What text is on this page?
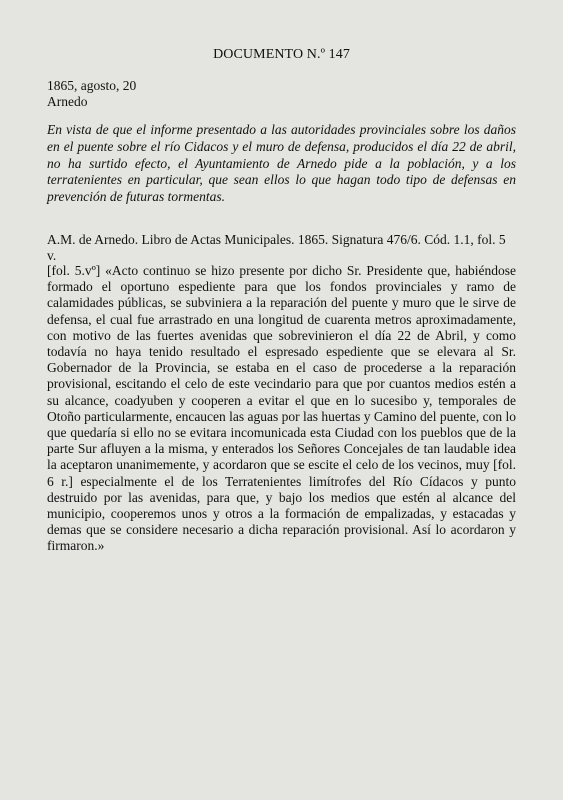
DOCUMENTO N.º 147
1865, agosto, 20
Arnedo

En vista de que el informe presentado a las autoridades provinciales sobre los daños en el puente sobre el río Cidacos y el muro de defensa, producidos el día 22 de abril, no ha surtido efecto, el Ayuntamiento de Arnedo pide a la población, y a los terratenientes en particular, que sean ellos lo que hagan todo tipo de defensas en prevención de futuras tormentas.

A.M. de Arnedo. Libro de Actas Municipales. 1865. Signatura 476/6. Cód. 1.1, fol. 5 v.

[fol. 5.vº] «Acto continuo se hizo presente por dicho Sr. Presidente que, habiéndose formado el oportuno espediente para que los fondos provinciales y ramo de calamidades públicas, se subviniera a la reparación del puente y muro que le sirve de defensa, el cual fue arrastrado en una longitud de cuarenta metros aproximadamente, con motivo de las fuertes avenidas que sobrevinieron el día 22 de Abril, y como todavía no haya tenido resultado el espresado espediente que se elevara al Sr. Gobernador de la Provincia, se estaba en el caso de procederse a la reparación provisional, escitando el celo de este vecindario para que por cuantos medios estén a su alcance, coadyuben y cooperen a evitar el que en lo sucesibo y, temporales de Otoño particularmente, encaucen las aguas por las huertas y Camino del puente, con lo que quedaría si ello no se evitara incomunicada esta Ciudad con los pueblos que de la parte Sur afluyen a la misma, y enterados los Señores Concejales de tan laudable idea la aceptaron unanimemente, y acordaron que se escite el celo de los vecinos, muy [fol. 6 r.] especialmente el de los Terratenientes limítrofes del Río Cídacos y punto destruido por las avenidas, para que, y bajo los medios que estén al alcance del municipio, cooperemos unos y otros a la formación de empalizadas, y estacadas y demas que se considere necesario a dicha reparación provisional. Así lo acordaron y firmaron.»
